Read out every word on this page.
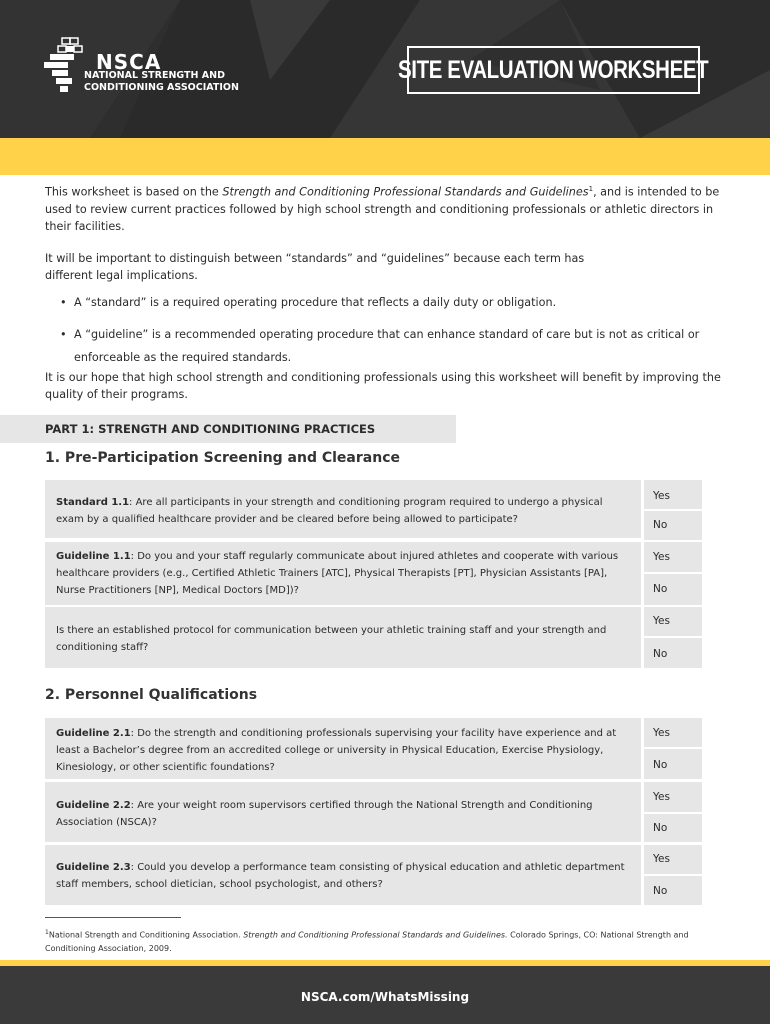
NSCA
NATIONAL STRENGTH AND
CONDITIONING ASSOCIATION
SITE EVALUATION WORKSHEET

This worksheet is based on the Strength and Conditioning Professional Standards and Guidelines$^1$, and is intended to be used to review current practices followed by high school strength and conditioning professionals or athletic directors in their facilities.

It will be important to distinguish between “standards” and “guidelines” because each term has different legal implications.
• A “standard” is a required operating procedure that reflects a daily duty or obligation.
• A “guideline” is a recommended operating procedure that can enhance standard of care but is not as critical or enforceable as the required standards.
It is our hope that high school strength and conditioning professionals using this worksheet will benefit by improving the quality of their programs.
PART 1: STRENGTH AND CONDITIONING PRACTICES
1. Pre-Participation Screening and Clearance
Standard 1.1: Are all participants in your strength and conditioning program required to undergo a physical exam by a qualified healthcare provider and be cleared before being allowed to participate?
Yes
No
Guideline 1.1: Do you and your staff regularly communicate about injured athletes and cooperate with various healthcare providers (e.g., Certified Athletic Trainers [ATC], Physical Therapists [PT], Physician Assistants [PA], Nurse Practitioners [NP], Medical Doctors [MD])?
Yes
No
Is there an established protocol for communication between your athletic training staff and your strength and conditioning staff?
Yes
No
2. Personnel Qualifications
Guideline 2.1: Do the strength and conditioning professionals supervising your facility have experience and at least a Bachelor’s degree from an accredited college or university in Physical Education, Exercise Physiology, Kinesiology, or other scientific foundations?
Yes
No
Guideline 2.2: Are your weight room supervisors certified through the National Strength and Conditioning Association (NSCA)?
Yes
No
Guideline 2.3: Could you develop a performance team consisting of physical education and athletic department staff members, school dietician, school psychologist, and others?
Yes
No
$^1$National Strength and Conditioning Association. Strength and Conditioning Professional Standards and Guidelines. Colorado Springs, CO: National Strength and Conditioning Association, 2009.
NSCA.com/WhatsMissing
